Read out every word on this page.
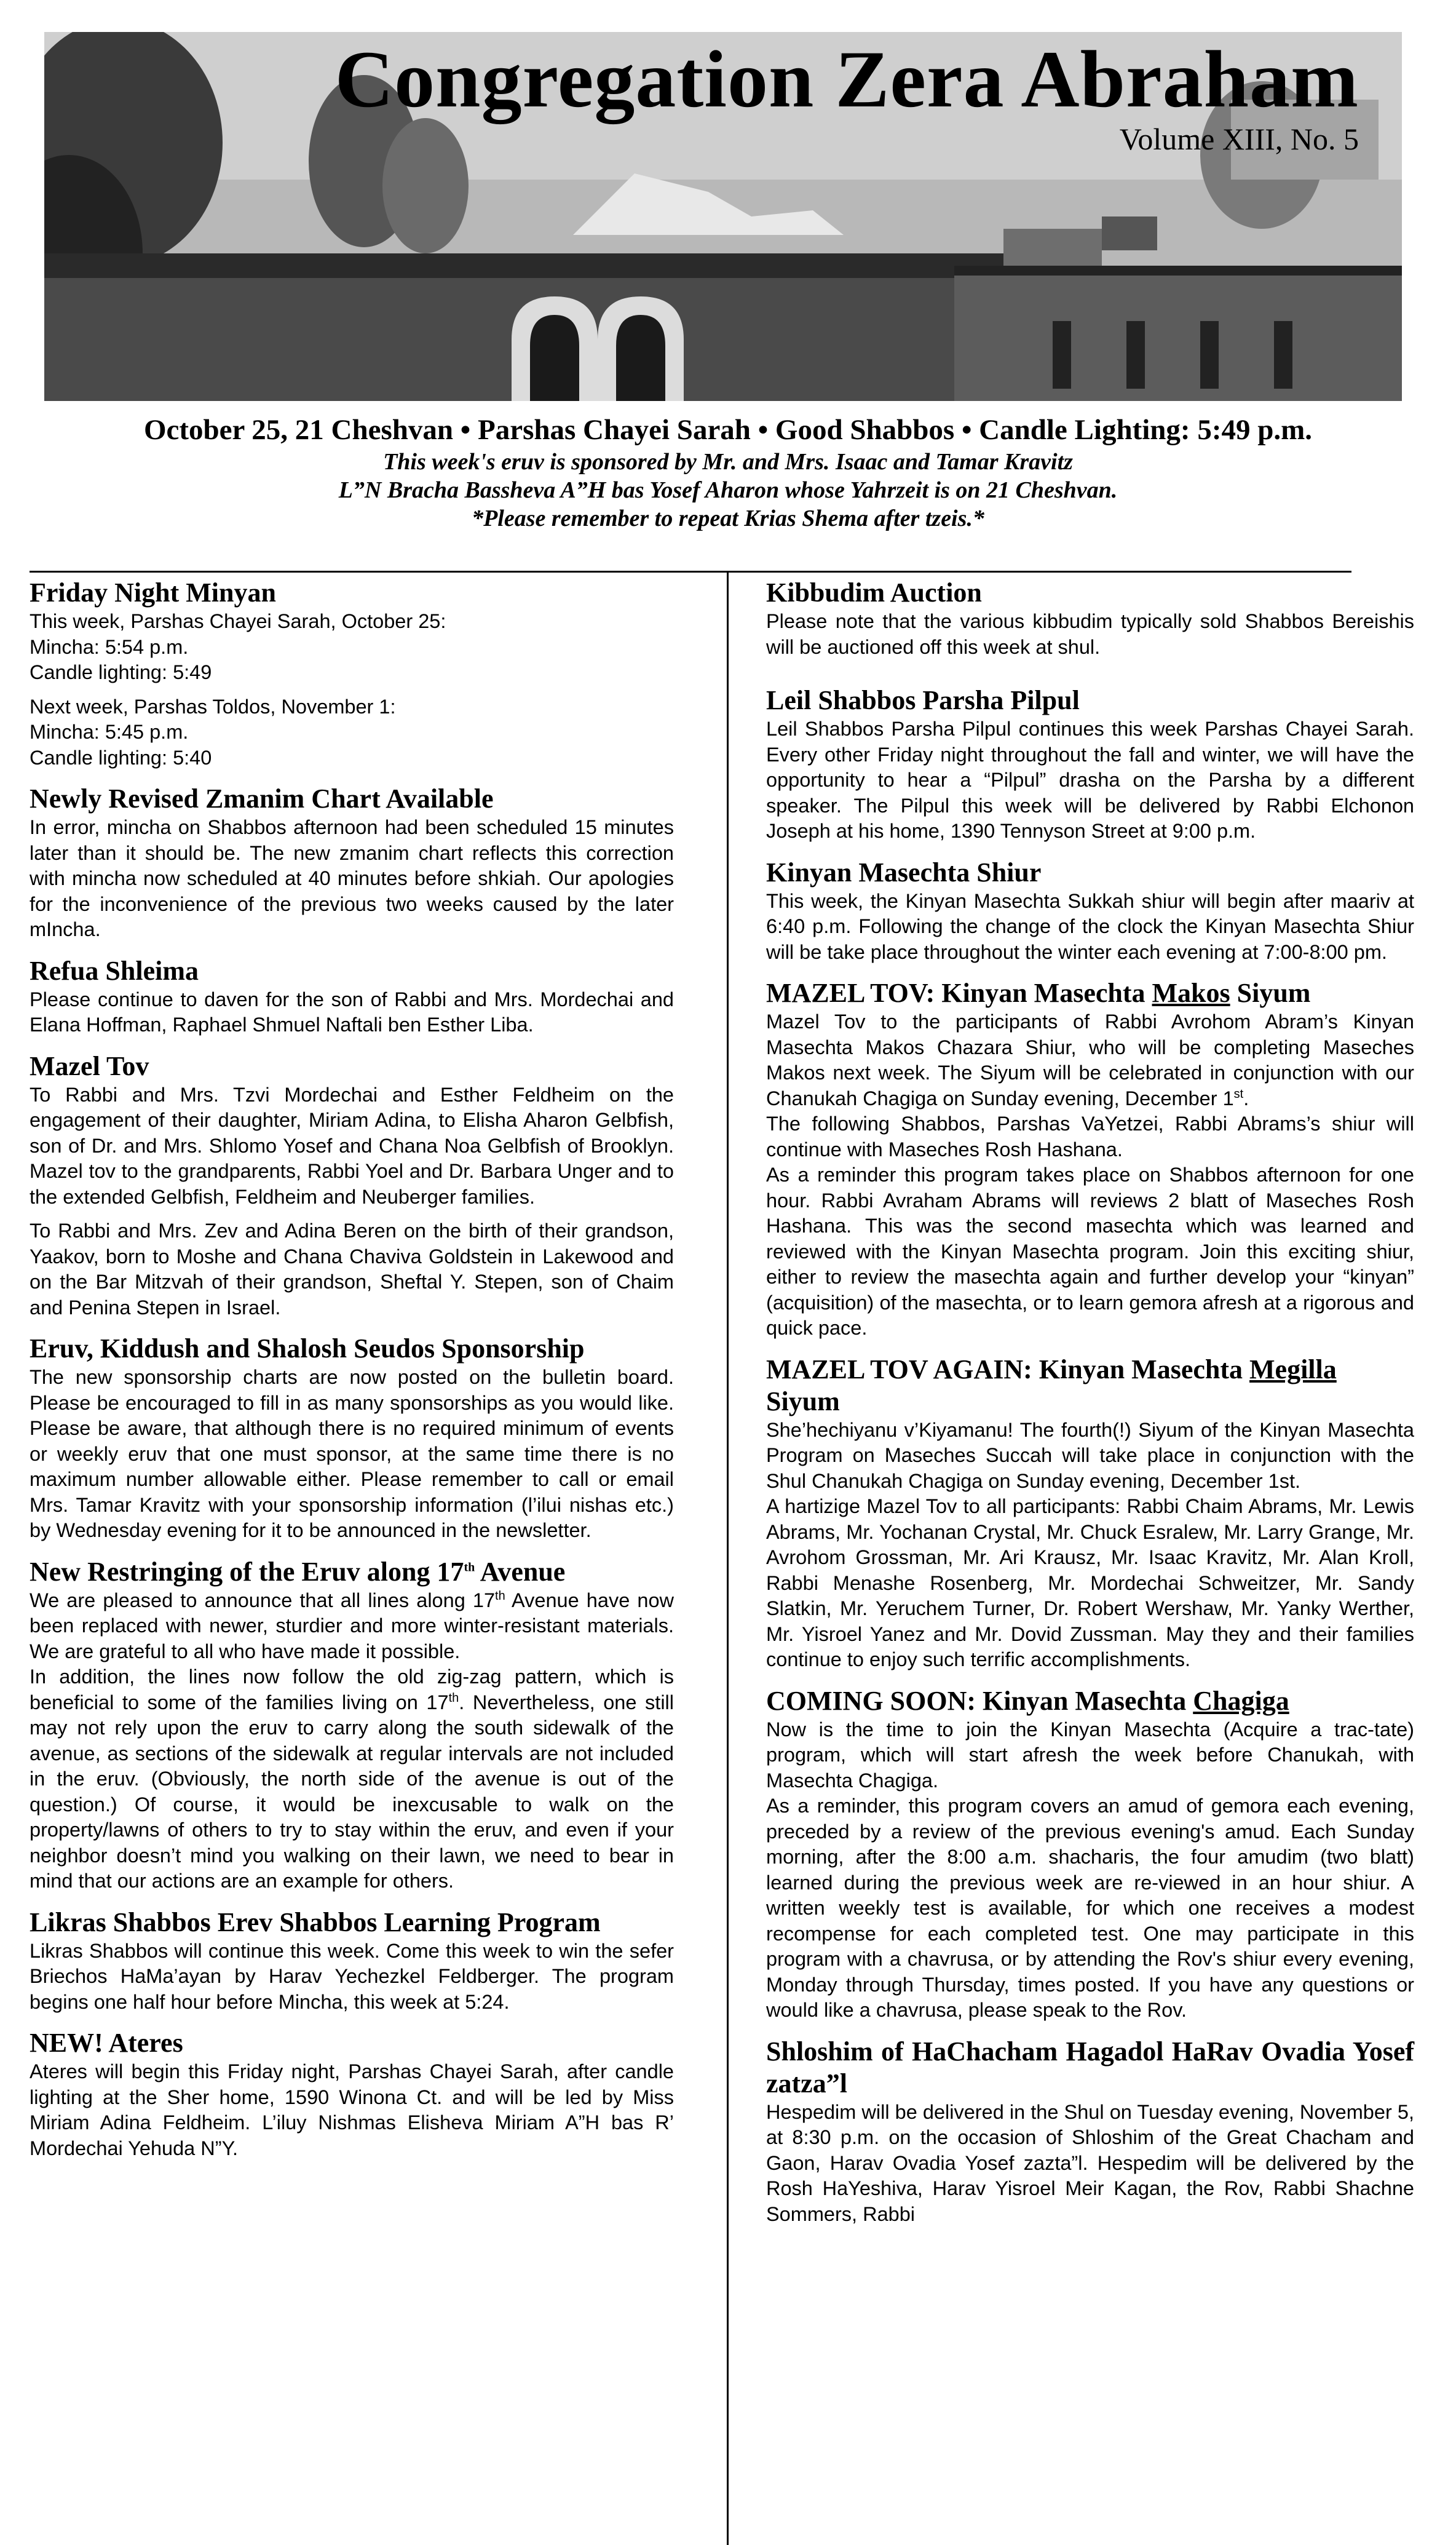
Congregation Zera Abraham
Volume XIII, No. 5
October 25, 21 Cheshvan • Parshas Chayei Sarah • Good Shabbos • Candle Lighting: 5:49 p.m.
This week's eruv is sponsored by Mr. and Mrs. Isaac and Tamar Kravitz
L”N Bracha Bassheva A”H bas Yosef Aharon whose Yahrzeit is on 21 Cheshvan.
*Please remember to repeat Krias Shema after tzeis.*

Friday Night Minyan

This week, Parshas Chayei Sarah, October 25:

Mincha: 5:54 p.m.

Candle lighting: 5:49

Next week, Parshas Toldos, November 1:

Mincha: 5:45 p.m.

Candle lighting: 5:40

Newly Revised Zmanim Chart Available

In error, mincha on Shabbos afternoon had been scheduled 15 minutes later than it should be. The new zmanim chart reflects this correction with mincha now scheduled at 40 minutes before shkiah. Our apologies for the inconvenience of the previous two weeks caused by the later mIncha.

Refua Shleima

Please continue to daven for the son of Rabbi and Mrs. Mordechai and Elana Hoffman, Raphael Shmuel Naftali ben Esther Liba.

Mazel Tov

To Rabbi and Mrs. Tzvi Mordechai and Esther Feldheim on the engagement of their daughter, Miriam Adina, to Elisha Aharon Gelbfish, son of Dr. and Mrs. Shlomo Yosef and Chana Noa Gelbfish of Brooklyn. Mazel tov to the grandparents, Rabbi Yoel and Dr. Barbara Unger and to the extended Gelbfish, Feldheim and Neuberger families.

To Rabbi and Mrs. Zev and Adina Beren on the birth of their grandson, Yaakov, born to Moshe and Chana Chaviva Goldstein in Lakewood and on the Bar Mitzvah of their grandson, Sheftal Y. Stepen, son of Chaim and Penina Stepen in Israel.

Eruv, Kiddush and Shalosh Seudos Sponsorship

The new sponsorship charts are now posted on the bulletin board. Please be encouraged to fill in as many sponsorships as you would like. Please be aware, that although there is no required minimum of events or weekly eruv that one must sponsor, at the same time there is no maximum number allowable either. Please remember to call or email Mrs. Tamar Kravitz with your sponsorship information (l’ilui nishas etc.) by Wednesday evening for it to be announced in the newsletter.

New Restringing of the Eruv along 17th Avenue

We are pleased to announce that all lines along 17th Avenue have now been replaced with newer, sturdier and more winter-resistant materials. We are grateful to all who have made it possible.

In addition, the lines now follow the old zig-zag pattern, which is beneficial to some of the families living on 17th. Nevertheless, one still may not rely upon the eruv to carry along the south sidewalk of the avenue, as sections of the sidewalk at regular intervals are not included in the eruv. (Obviously, the north side of the avenue is out of the question.) Of course, it would be inexcusable to walk on the property/lawns of others to try to stay within the eruv, and even if your neighbor doesn’t mind you walking on their lawn, we need to bear in mind that our actions are an example for others.

Likras Shabbos Erev Shabbos Learning Program

Likras Shabbos will continue this week. Come this week to win the sefer Briechos HaMa’ayan by Harav Yechezkel Feldberger. The program begins one half hour before Mincha, this week at 5:24.

NEW! Ateres

Ateres will begin this Friday night, Parshas Chayei Sarah, after candle lighting at the Sher home, 1590 Winona Ct. and will be led by Miss Miriam Adina Feldheim. L’iluy Nishmas Elisheva Miriam A”H bas R’ Mordechai Yehuda N”Y.

Kibbudim Auction

Please note that the various kibbudim typically sold Shabbos Bereishis will be auctioned off this week at shul.

Leil Shabbos Parsha Pilpul

Leil Shabbos Parsha Pilpul continues this week Parshas Chayei Sarah. Every other Friday night throughout the fall and winter, we will have the opportunity to hear a “Pilpul” drasha on the Parsha by a different speaker. The Pilpul this week will be delivered by Rabbi Elchonon Joseph at his home, 1390 Tennyson Street at 9:00 p.m.

Kinyan Masechta Shiur

This week, the Kinyan Masechta Sukkah shiur will begin after maariv at 6:40 p.m. Following the change of the clock the Kinyan Masechta Shiur will be take place throughout the winter each evening at 7:00-8:00 pm.

MAZEL TOV: Kinyan Masechta Makos Siyum

Mazel Tov to the participants of Rabbi Avrohom Abram’s Kinyan Masechta Makos Chazara Shiur, who will be completing Maseches Makos next week. The Siyum will be celebrated in conjunction with our Chanukah Chagiga on Sunday evening, December 1st.

The following Shabbos, Parshas VaYetzei, Rabbi Abrams’s shiur will continue with Maseches Rosh Hashana.

As a reminder this program takes place on Shabbos afternoon for one hour. Rabbi Avraham Abrams will reviews 2 blatt of Maseches Rosh Hashana. This was the second masechta which was learned and reviewed with the Kinyan Masechta program. Join this exciting shiur, either to review the masechta again and further develop your “kinyan” (acquisition) of the masechta, or to learn gemora afresh at a rigorous and quick pace.

MAZEL TOV AGAIN: Kinyan Masechta Megilla Siyum

She’hechiyanu v’Kiyamanu! The fourth(!) Siyum of the Kinyan Masechta Program on Maseches Succah will take place in conjunction with the Shul Chanukah Chagiga on Sunday evening, December 1st.

A hartizige Mazel Tov to all participants: Rabbi Chaim Abrams, Mr. Lewis Abrams, Mr. Yochanan Crystal, Mr. Chuck Esralew, Mr. Larry Grange, Mr. Avrohom Grossman, Mr. Ari Krausz, Mr. Isaac Kravitz, Mr. Alan Kroll, Rabbi Menashe Rosenberg, Mr. Mordechai Schweitzer, Mr. Sandy Slatkin, Mr. Yeruchem Turner, Dr. Robert Wershaw, Mr. Yanky Werther, Mr. Yisroel Yanez and Mr. Dovid Zussman. May they and their families continue to enjoy such terrific accomplishments.

COMING SOON: Kinyan Masechta Chagiga

Now is the time to join the Kinyan Masechta (Acquire a trac-tate) program, which will start afresh the week before Chanukah, with Masechta Chagiga.

As a reminder, this program covers an amud of gemora each evening, preceded by a review of the previous evening's amud. Each Sunday morning, after the 8:00 a.m. shacharis, the four amudim (two blatt) learned during the previous week are re-viewed in an hour shiur. A written weekly test is available, for which one receives a modest recompense for each completed test. One may participate in this program with a chavrusa, or by attending the Rov's shiur every evening, Monday through Thursday, times posted. If you have any questions or would like a chavrusa, please speak to the Rov.

Shloshim of HaChacham Hagadol HaRav Ovadia Yosef zatza”l

Hespedim will be delivered in the Shul on Tuesday evening, November 5, at 8:30 p.m. on the occasion of Shloshim of the Great Chacham and Gaon, Harav Ovadia Yosef zazta”l. Hespedim will be delivered by the Rosh HaYeshiva, Harav Yisroel Meir Kagan, the Rov, Rabbi Shachne Sommers, Rabbi
